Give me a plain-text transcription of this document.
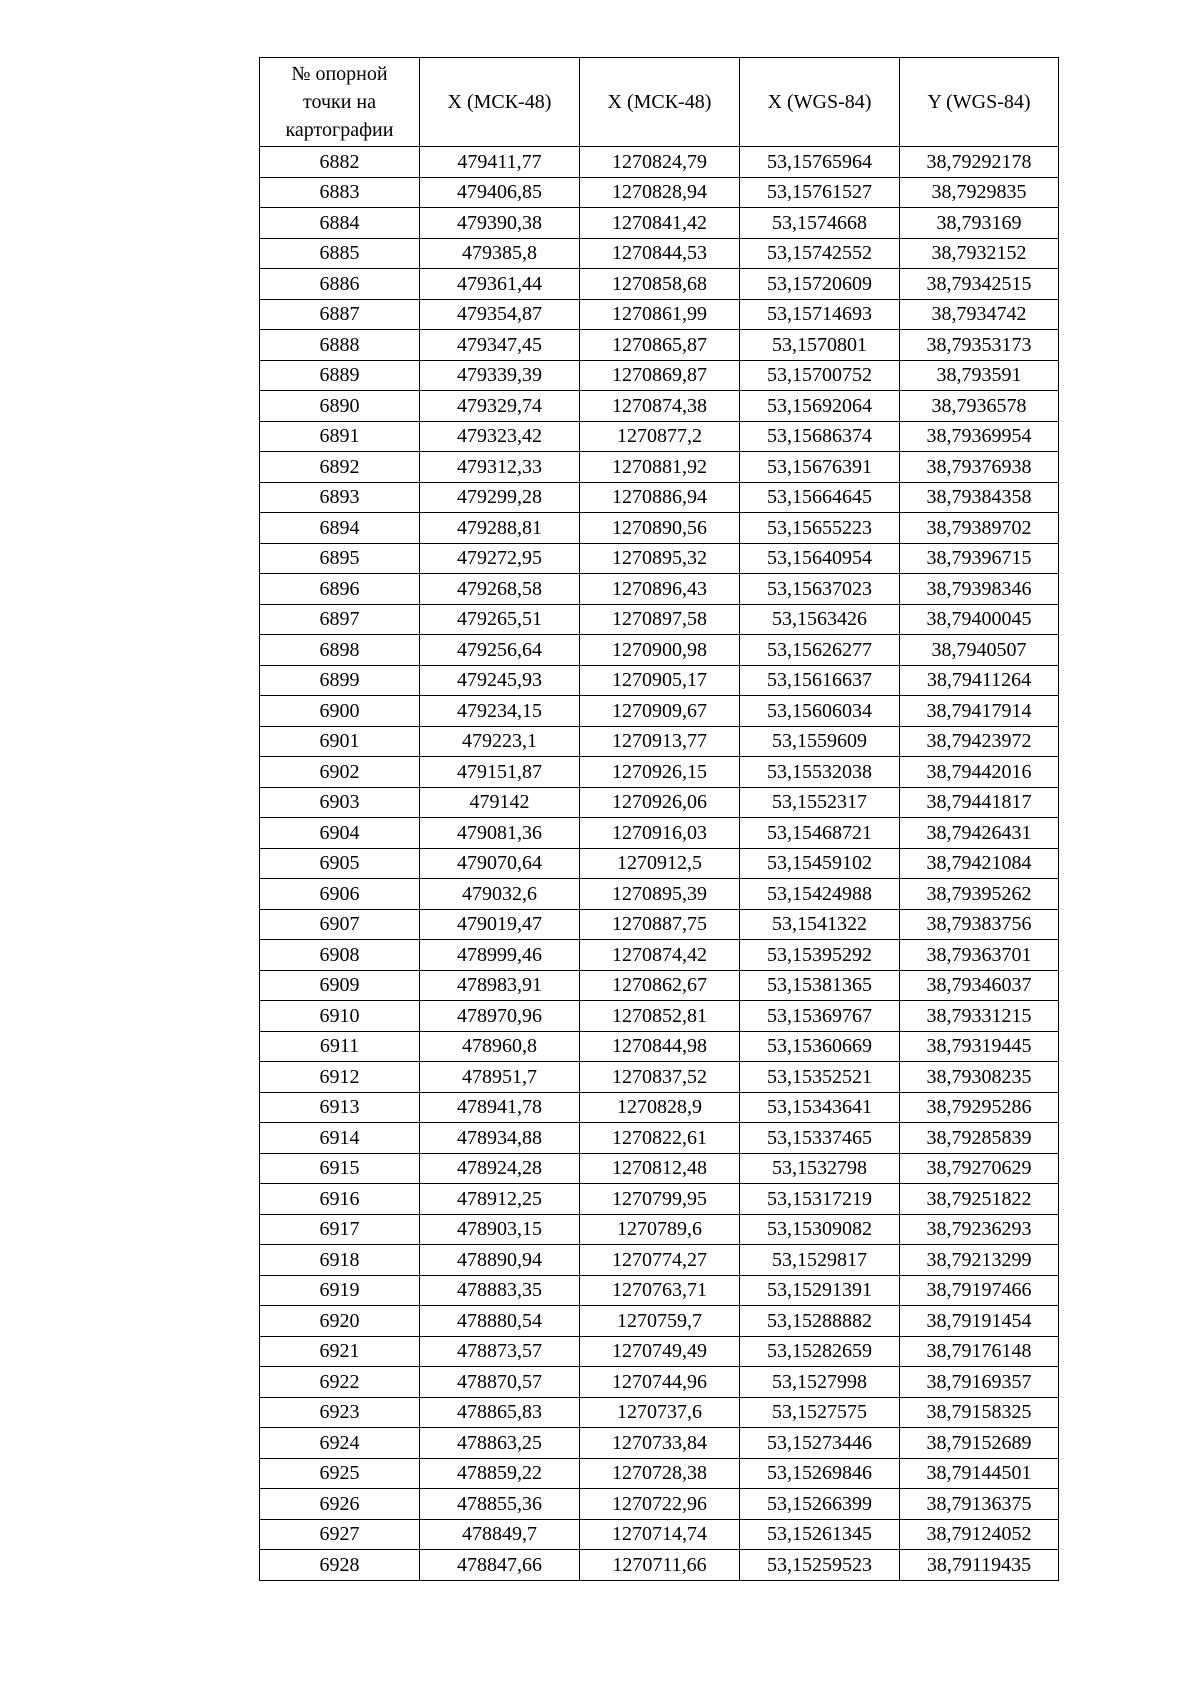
№ опорной
точки на
картографии	X (МСК-48)	X (МСК-48)	X (WGS-84)	Y (WGS-84)
6882	479411,77	1270824,79	53,15765964	38,79292178
6883	479406,85	1270828,94	53,15761527	38,7929835
6884	479390,38	1270841,42	53,1574668	38,793169
6885	479385,8	1270844,53	53,15742552	38,7932152
6886	479361,44	1270858,68	53,15720609	38,79342515
6887	479354,87	1270861,99	53,15714693	38,7934742
6888	479347,45	1270865,87	53,1570801	38,79353173
6889	479339,39	1270869,87	53,15700752	38,793591
6890	479329,74	1270874,38	53,15692064	38,7936578
6891	479323,42	1270877,2	53,15686374	38,79369954
6892	479312,33	1270881,92	53,15676391	38,79376938
6893	479299,28	1270886,94	53,15664645	38,79384358
6894	479288,81	1270890,56	53,15655223	38,79389702
6895	479272,95	1270895,32	53,15640954	38,79396715
6896	479268,58	1270896,43	53,15637023	38,79398346
6897	479265,51	1270897,58	53,1563426	38,79400045
6898	479256,64	1270900,98	53,15626277	38,7940507
6899	479245,93	1270905,17	53,15616637	38,79411264
6900	479234,15	1270909,67	53,15606034	38,79417914
6901	479223,1	1270913,77	53,1559609	38,79423972
6902	479151,87	1270926,15	53,15532038	38,79442016
6903	479142	1270926,06	53,1552317	38,79441817
6904	479081,36	1270916,03	53,15468721	38,79426431
6905	479070,64	1270912,5	53,15459102	38,79421084
6906	479032,6	1270895,39	53,15424988	38,79395262
6907	479019,47	1270887,75	53,1541322	38,79383756
6908	478999,46	1270874,42	53,15395292	38,79363701
6909	478983,91	1270862,67	53,15381365	38,79346037
6910	478970,96	1270852,81	53,15369767	38,79331215
6911	478960,8	1270844,98	53,15360669	38,79319445
6912	478951,7	1270837,52	53,15352521	38,79308235
6913	478941,78	1270828,9	53,15343641	38,79295286
6914	478934,88	1270822,61	53,15337465	38,79285839
6915	478924,28	1270812,48	53,1532798	38,79270629
6916	478912,25	1270799,95	53,15317219	38,79251822
6917	478903,15	1270789,6	53,15309082	38,79236293
6918	478890,94	1270774,27	53,1529817	38,79213299
6919	478883,35	1270763,71	53,15291391	38,79197466
6920	478880,54	1270759,7	53,15288882	38,79191454
6921	478873,57	1270749,49	53,15282659	38,79176148
6922	478870,57	1270744,96	53,1527998	38,79169357
6923	478865,83	1270737,6	53,1527575	38,79158325
6924	478863,25	1270733,84	53,15273446	38,79152689
6925	478859,22	1270728,38	53,15269846	38,79144501
6926	478855,36	1270722,96	53,15266399	38,79136375
6927	478849,7	1270714,74	53,15261345	38,79124052
6928	478847,66	1270711,66	53,15259523	38,79119435
